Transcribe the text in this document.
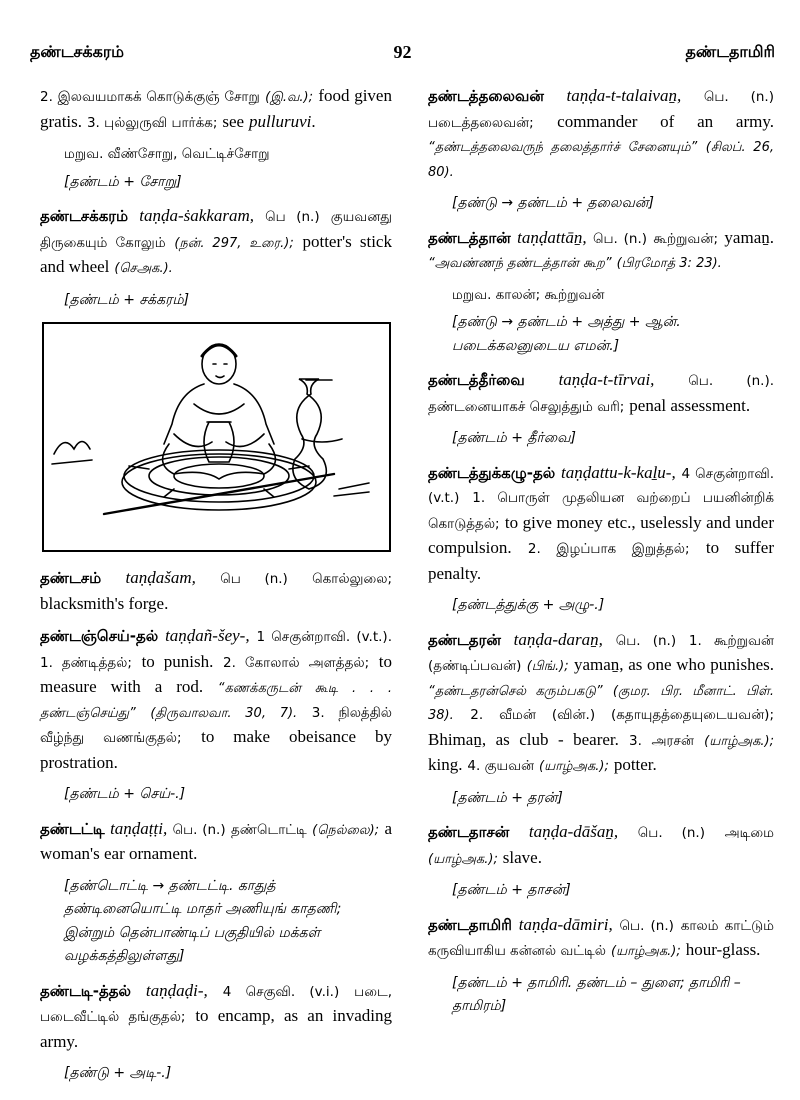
தண்டசக்கரம்	92	தண்டதாமிரி

2. இலவயமாகக் கொடுக்குஞ் சோறு (இ.வ.); food given gratis. 3. புல்லுருவி பார்க்க; see pulluruvi.

மறுவ. வீண்சோறு, வெட்டிச்சோறு
[தண்டம் + சோறு]

தண்டசக்கரம் taṇḍa-ṡakkaram, பெ (n.) குயவனது திருகையும் கோலும் (நன். 297, உரை.); potter's stick and wheel (செஅக.).

[தண்டம் + சக்கரம்]

தண்டசம் taṇḍašam, பெ (n.) கொல்லுலை; blacksmith's forge.

தண்டஞ்செய்-தல் taṇḍañ-šey-, 1 செகுன்றாவி. (v.t.). 1. தண்டித்தல்; to punish. 2. கோலால் அளத்தல்; to measure with a rod. “கணக்கருடன் கூடி . . . தண்டஞ்செய்து” (திருவாலவா. 30, 7). 3. நிலத்தில் வீழ்ந்து வணங்குதல்; to make obeisance by prostration.

[தண்டம் + செய்-.]

தண்டட்டி taṇḍaṭṭi, பெ. (n.) தண்டொட்டி (நெல்லை); a woman's ear ornament.

[தண்டொட்டி → தண்டட்டி. காதுத் தண்டினையொட்டி மாதர் அணியுங் காதணி; இன்றும் தென்பாண்டிப் பகுதியில் மக்கள் வழக்கத்திலுள்ளது]

தண்டடி-த்தல் taṇḍaḍi-, 4 செகுவி. (v.i.) படை, படைவீட்டில் தங்குதல்; to encamp, as an invading army.

[தண்டு + அடி-.]

தண்டத்தலைவன் taṇḍa-t-talaivaṉ, பெ. (n.) படைத்தலைவன்; commander of an army. “தண்டத்தலைவருந் தலைத்தார்ச் சேனையும்” (சிலப். 26, 80).

[தண்டு → தண்டம் + தலைவன்]

தண்டத்தான் taṇḍattāṉ, பெ. (n.) கூற்றுவன்; yamaṉ. “அவண்ணந் தண்டத்தான் கூற” (பிரமோத் 3: 23).

மறுவ. காலன்; கூற்றுவன்
[தண்டு → தண்டம் + அத்து + ஆன். படைக்கலனுடைய எமன்.]

தண்டத்தீர்வை taṇḍa-t-tīrvai,	பெ. (n.). தண்டனையாகச் செலுத்தும் வரி; penal assessment.

[தண்டம் + தீர்வை]

தண்டத்துக்கழு-தல் taṇḍattu-k-kaḻu-, 4 செகுன்றாவி. (v.t.) 1. பொருள் முதலியன வற்றைப் பயனின்றிக் கொடுத்தல்; to give money etc., uselessly and under compulsion. 2. இழப்பாக இறுத்தல்; to suffer penalty.

[தண்டத்துக்கு + அழு-.]

தண்டதரன் taṇḍa-daraṉ, பெ. (n.) 1. கூற்றுவன் (தண்டிப்பவன்) (பிங்.); yamaṉ, as one who punishes. “தண்டதரன்செல் கரும்பகடு” (குமர. பிர. மீனாட். பிள். 38). 2. வீமன் (வின்.) (கதாயுதத்தையுடையவன்); Bhimaṉ, as club - bearer. 3. அரசன் (யாழ்அக.); king. 4. குயவன் (யாழ்அக.); potter.

[தண்டம் + தரன்]

தண்டதாசன் taṇḍa-dāšaṉ, பெ. (n.) அடிமை (யாழ்அக.); slave.

[தண்டம் + தாசன்]

தண்டதாமிரி taṇḍa-dāmiri, பெ. (n.) காலம் காட்டும் கருவியாகிய கன்னல் வட்டில் (யாழ்அக.); hour-glass.

[தண்டம் + தாமிரி. தண்டம் – துளை; தாமிரி – தாமிரம்]
